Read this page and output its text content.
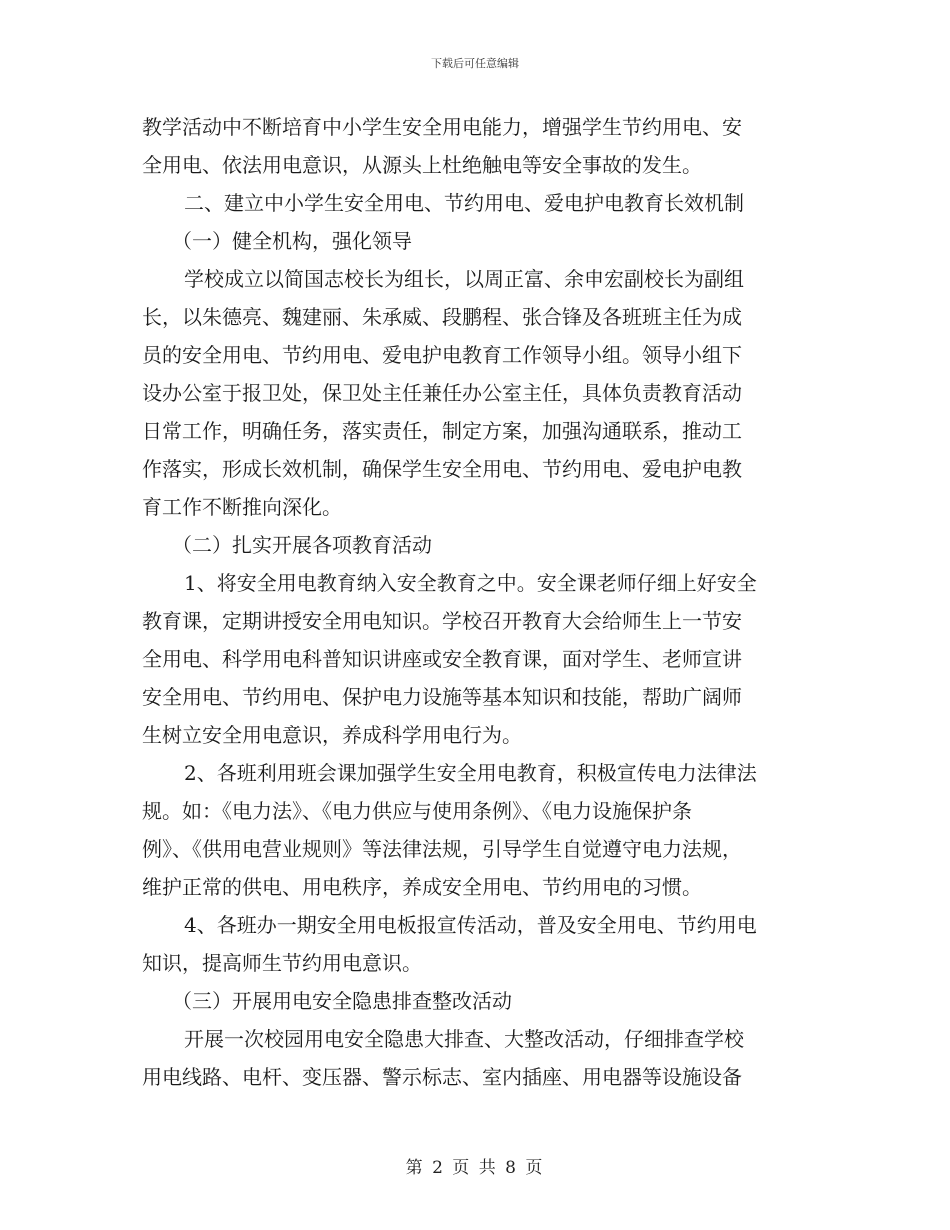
下载后可任意编辑
教学活动中不断培育中小学生安全用电能力，增强学生节约用电、安
全用电、依法用电意识，从源头上杜绝触电等安全事故的发生。
二、建立中小学生安全用电、节约用电、爱电护电教育长效机制
（一）健全机构，强化领导
学校成立以简国志校长为组长，以周正富、余申宏副校长为副组
长，以朱德亮、魏建丽、朱承威、段鹏程、张合锋及各班班主任为成
员的安全用电、节约用电、爱电护电教育工作领导小组。领导小组下
设办公室于报卫处，保卫处主任兼任办公室主任，具体负责教育活动
日常工作，明确任务，落实责任，制定方案，加强沟通联系，推动工
作落实，形成长效机制，确保学生安全用电、节约用电、爱电护电教
育工作不断推向深化。
（二）扎实开展各项教育活动
1、将安全用电教育纳入安全教育之中。安全课老师仔细上好安全
教育课，定期讲授安全用电知识。学校召开教育大会给师生上一节安
全用电、科学用电科普知识讲座或安全教育课，面对学生、老师宣讲
安全用电、节约用电、保护电力设施等基本知识和技能，帮助广阔师
生树立安全用电意识，养成科学用电行为。
2、各班利用班会课加强学生安全用电教育，积极宣传电力法律法
规。如：《电力法》、《电力供应与使用条例》、《电力设施保护条
例》、《供用电营业规则》等法律法规，引导学生自觉遵守电力法规，
维护正常的供电、用电秩序，养成安全用电、节约用电的习惯。
4、各班办一期安全用电板报宣传活动，普及安全用电、节约用电
知识，提高师生节约用电意识。
（三）开展用电安全隐患排查整改活动
开展一次校园用电安全隐患大排查、大整改活动，仔细排查学校
用电线路、电杆、变压器、警示标志、室内插座、用电器等设施设备
第 2 页 共 8 页
